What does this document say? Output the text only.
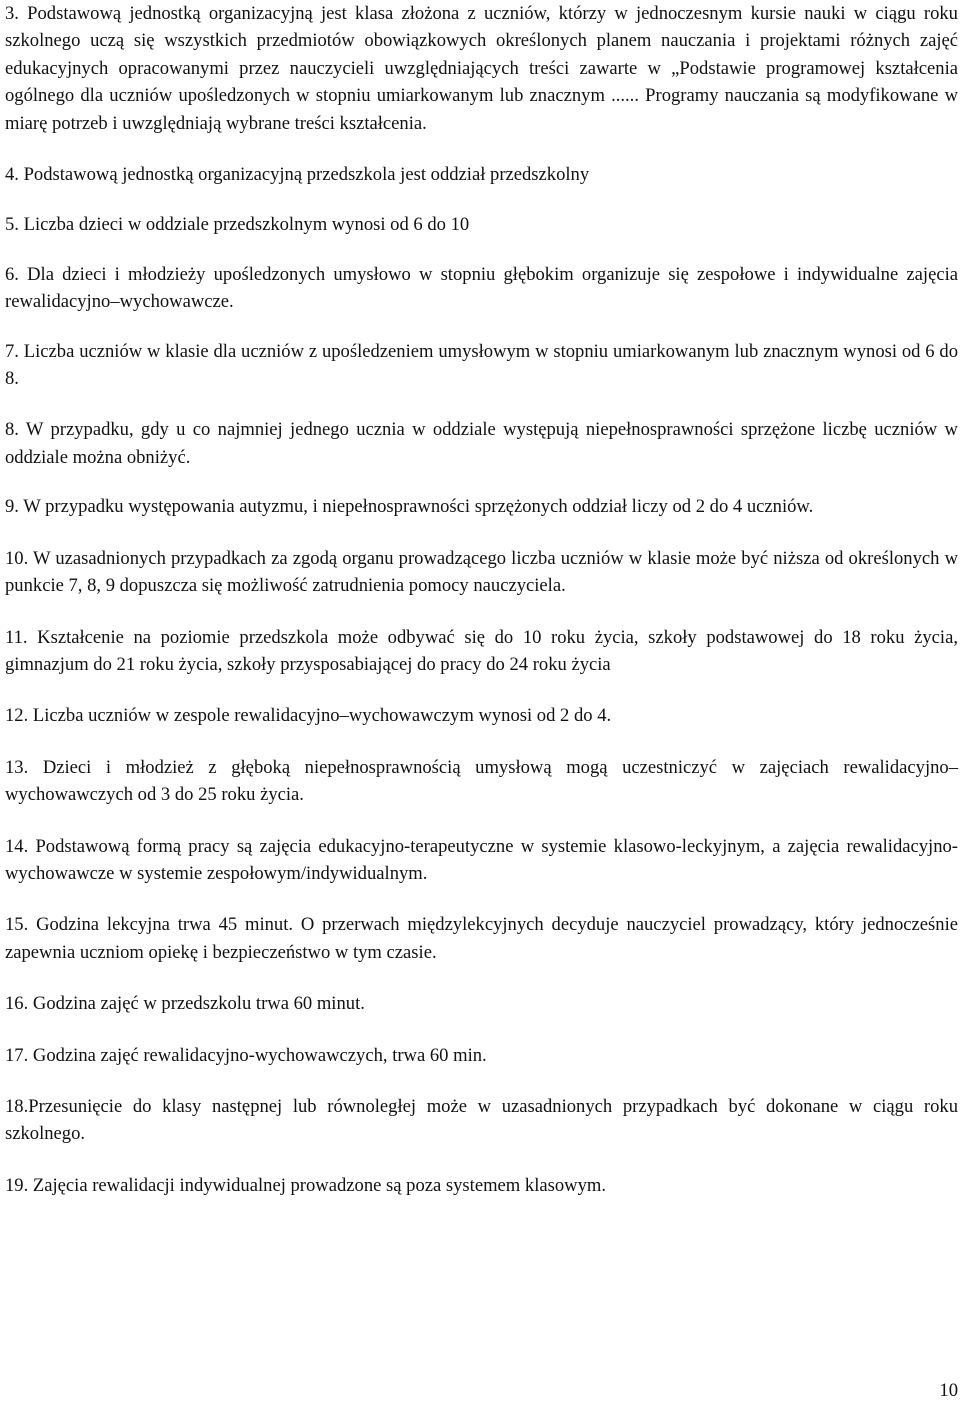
3. Podstawową jednostką organizacyjną jest klasa złożona z uczniów, którzy w jednoczesnym kursie nauki w ciągu roku szkolnego uczą się wszystkich przedmiotów obowiązkowych określonych planem nauczania i projektami różnych zajęć edukacyjnych opracowanymi przez nauczycieli uwzględniających treści zawarte w „Podstawie programowej kształcenia ogólnego dla uczniów upośledzonych w stopniu umiarkowanym lub znacznym ...... Programy nauczania są modyfikowane w miarę potrzeb i uwzględniają wybrane treści kształcenia.
4. Podstawową jednostką organizacyjną przedszkola jest oddział przedszkolny
5. Liczba dzieci w oddziale przedszkolnym wynosi od 6 do 10
6. Dla dzieci i młodzieży upośledzonych umysłowo w stopniu głębokim organizuje się zespołowe i indywidualne zajęcia rewalidacyjno–wychowawcze.
7. Liczba uczniów w klasie dla uczniów z upośledzeniem umysłowym w stopniu umiarkowanym lub znacznym wynosi od 6 do 8.
8. W przypadku, gdy u co najmniej jednego ucznia w oddziale występują niepełnosprawności sprzężone liczbę uczniów w oddziale można obniżyć.
9. W przypadku występowania autyzmu, i niepełnosprawności sprzężonych oddział liczy od 2 do 4 uczniów.
10. W uzasadnionych przypadkach za zgodą organu prowadzącego liczba uczniów w klasie może być niższa od określonych w punkcie 7, 8, 9 dopuszcza się możliwość zatrudnienia pomocy nauczyciela.
11. Kształcenie na poziomie przedszkola może odbywać się do 10 roku życia, szkoły podstawowej do 18 roku życia, gimnazjum do 21 roku życia, szkoły przysposabiającej do pracy do 24 roku życia
12. Liczba uczniów w zespole rewalidacyjno–wychowawczym wynosi od 2 do 4.
13. Dzieci i młodzież z głęboką niepełnosprawnością umysłową mogą uczestniczyć w zajęciach rewalidacyjno–wychowawczych od 3 do 25 roku życia.
14. Podstawową formą pracy są zajęcia edukacyjno-terapeutyczne w systemie klasowo-leckyjnym, a zajęcia rewalidacyjno-wychowawcze w systemie zespołowym/indywidualnym.
15. Godzina lekcyjna trwa 45 minut. O przerwach międzylekcyjnych decyduje nauczyciel prowadzący, który jednocześnie zapewnia uczniom opiekę i bezpieczeństwo w tym czasie.
16. Godzina zajęć w przedszkolu trwa 60 minut.
17. Godzina zajęć rewalidacyjno-wychowawczych, trwa 60 min.
18.Przesunięcie do klasy następnej lub równoległej może w uzasadnionych przypadkach być dokonane w ciągu roku szkolnego.
19. Zajęcia rewalidacji indywidualnej prowadzone są poza systemem klasowym.
10
